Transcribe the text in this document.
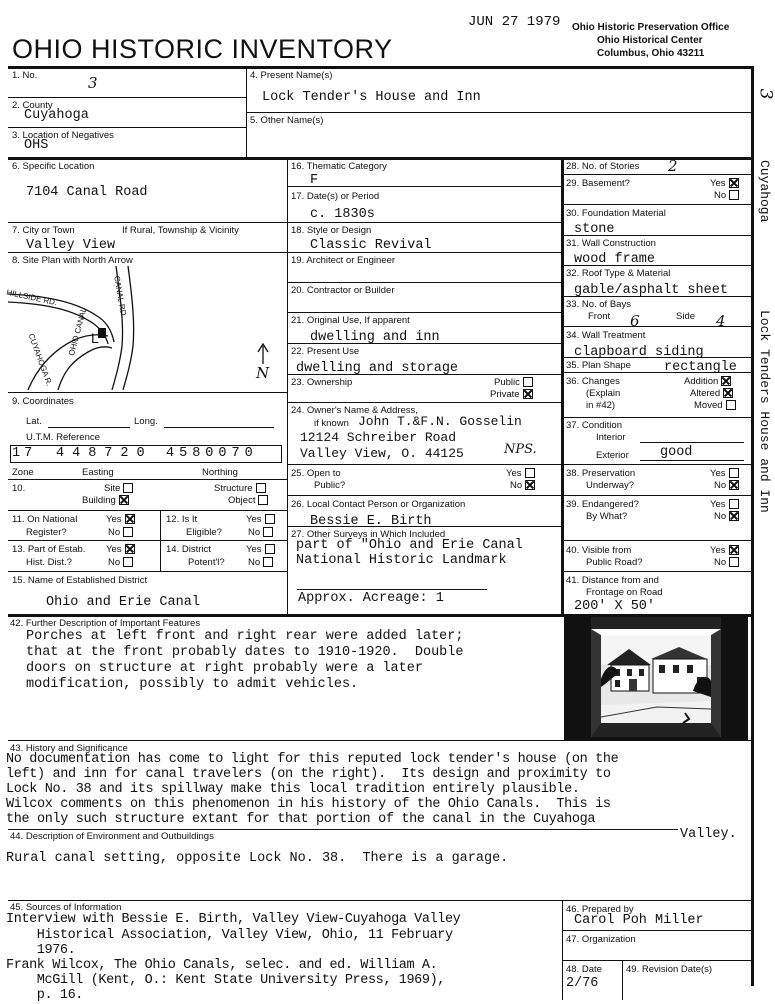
JUN 27 1979
OHIO HISTORIC INVENTORY
Ohio Historic Preservation Office
Ohio Historical Center
Columbus, Ohio 43211
3
Cuyahoga
Lock Tenders House and Inn
1. No.	3
2. County
Cuyahoga
3. Location of Negatives
OHS
4. Present Name(s)
Lock Tender's House and Inn
5. Other Name(s)
6. Specific Location
7104 Canal Road
7. City or Town	If Rural, Township & Vicinity
Valley View
8. Site Plan with North Arrow
CANAL RD.
HILLSIDE RD.
CUYAHOGA R.
OHIO CANAL L
N
9. Coordinates
Lat.	Long.
U.T.M. Reference
17 448720 4580070
Zone	Easting	Northing
10.	Site
Building
Structure
Object
11. On National
Register?
Yes
No
12. Is It
Eligible?
Yes
No
13. Part of Estab.
Hist. Dist.?
Yes
No
14. District
Potent'l?
Yes
No
15. Name of Established District
Ohio and Erie Canal
16. Thematic Category
F
17. Date(s) or Period
c. 1830s
18. Style or Design
Classic Revival
19. Architect or Engineer
20. Contractor or Builder
21. Original Use, If apparent
dwelling and inn
22. Present Use
dwelling and storage
23. Ownership	Public
Private
24. Owner's Name & Address,
if known John T.&F.N. Gosselin
12124 Schreiber Road
Valley View, O. 44125	NPS.
25. Open to
Public?
Yes
No
26. Local Contact Person or Organization
Bessie E. Birth
27. Other Surveys in Which Included
part of "Ohio and Erie Canal
National Historic Landmark
Approx. Acreage: 1
28. No. of Stories 2
29. Basement?	Yes
No
30. Foundation Material
stone
31. Wall Construction
wood frame
32. Roof Type & Material
gable/asphalt sheet
33. No. of Bays
Front 6	Side 4
34. Wall Treatment
clapboard siding
35. Plan Shape rectangle
36. Changes
(Explain
in #42)
Addition
Altered
Moved
37. Condition
Interior
Exterior good
38. Preservation
Underway?
Yes
No
39. Endangered?
By What?
Yes
No
40. Visible from
Public Road?
Yes
No
41. Distance from and
Frontage on Road
200' X 50'
42. Further Description of Important Features
Porches at left front and right rear were added later;
that at the front probably dates to 1910-1920.  Double
doors on structure at right probably were a later
modification, possibly to admit vehicles.
43. History and Significance
No documentation has come to light for this reputed lock tender's house (on the
left) and inn for canal travelers (on the right).  Its design and proximity to
Lock No. 38 and its spillway make this local tradition entirely plausible.
Wilcox comments on this phenomenon in his history of the Ohio Canals.  This is
the only such structure extant for that portion of the canal in the Cuyahoga
Valley.
44. Description of Environment and Outbuildings
Rural canal setting, opposite Lock No. 38.  There is a garage.
45. Sources of Information
Interview with Bessie E. Birth, Valley View-Cuyahoga Valley
Historical Association, Valley View, Ohio, 11 February
1976.
Frank Wilcox, The Ohio Canals, selec. and ed. William A.
McGill (Kent, O.: Kent State University Press, 1969),
p. 16.
46. Prepared by
Carol Poh Miller
47. Organization
48. Date
2/76
49. Revision Date(s)
